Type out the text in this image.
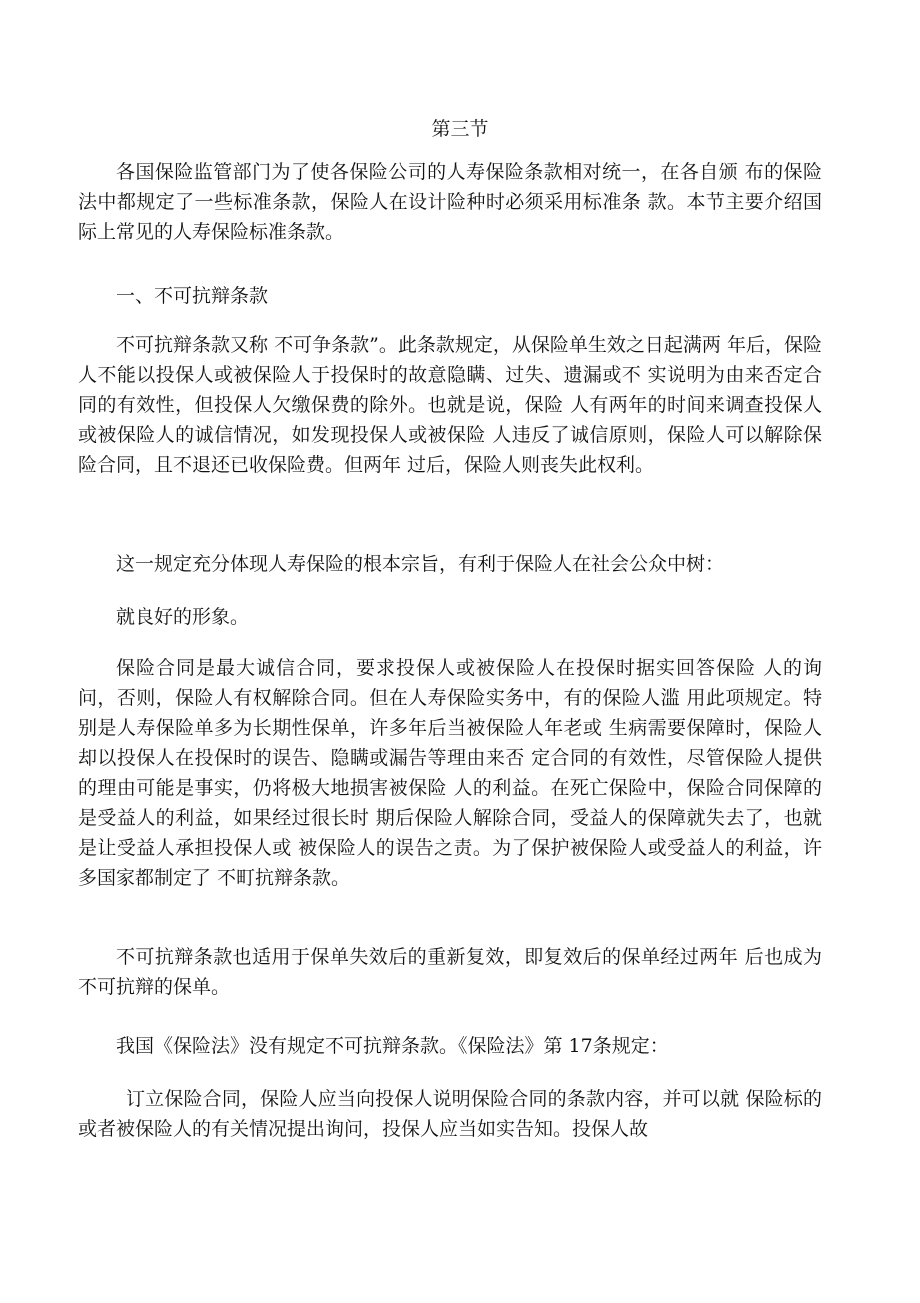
第三节

各国保险监管部门为了使各保险公司的人寿保险条款相对统一，在各自颁 布的保险法中都规定了一些标准条款，保险人在设计险种时必须采用标准条 款。本节主要介绍国际上常见的人寿保险标准条款。

一、不可抗辩条款

不可抗辩条款又称 不可争条款”。此条款规定，从保险单生效之日起满两 年后，保险人不能以投保人或被保险人于投保时的故意隐瞒、过失、遗漏或不 实说明为由来否定合同的有效性，但投保人欠缴保费的除外。也就是说，保险 人有两年的时间来调查投保人或被保险人的诚信情况，如发现投保人或被保险 人违反了诚信原则，保险人可以解除保险合同，且不退还已收保险费。但两年 过后，保险人则丧失此权利。

这一规定充分体现人寿保险的根本宗旨，有利于保险人在社会公众中树：
就良好的形象。

保险合同是最大诚信合同，要求投保人或被保险人在投保时据实回答保险 人的询问，否则，保险人有权解除合同。但在人寿保险实务中，有的保险人滥 用此项规定。特别是人寿保险单多为长期性保单，许多年后当被保险人年老或 生病需要保障时，保险人却以投保人在投保时的误告、隐瞒或漏告等理由来否 定合同的有效性，尽管保险人提供的理由可能是事实，仍将极大地损害被保险 人的利益。在死亡保险中，保险合同保障的是受益人的利益，如果经过很长时 期后保险人解除合同，受益人的保障就失去了，也就是让受益人承担投保人或 被保险人的误告之责。为了保护被保险人或受益人的利益，许多国家都制定了 不町抗辩条款。

不可抗辩条款也适用于保单失效后的重新复效，即复效后的保单经过两年 后也成为不可抗辩的保单。

我国《保险法》没有规定不可抗辩条款。《保险法》第 17条规定：

订立保险合同，保险人应当向投保人说明保险合同的条款内容，并可以就 保险标的或者被保险人的有关情况提出询问，投保人应当如实告知。投保人故
